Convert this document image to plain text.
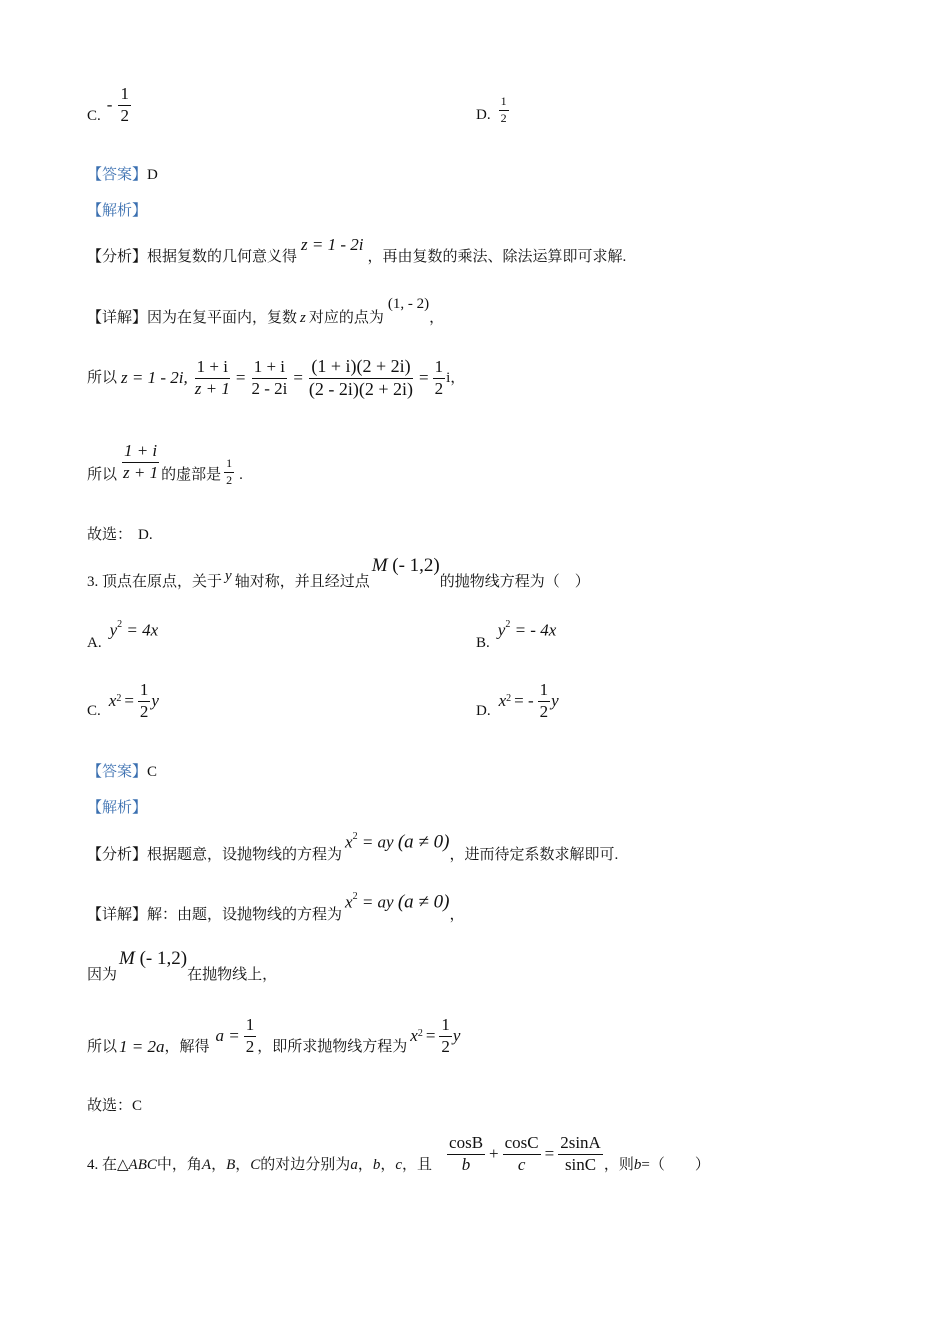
C.
- $\frac{1}{2}$	D. $\frac{1}{2}$
【答案】D
【解析】
【分析】 根据复数的几何意义得
z = 1 - 2i
，再由复数的乘法、除法运算即可求解.
【详解】 因为在复平面内，复数 z 对应的点为
(1, - 2)
，
所以 z = 1 - 2i, $\frac{1 + i}{z + 1} = \frac{1 + i}{2 - 2i} = \frac{(1 + i)(2 + 2i)}{(2 - 2i)(2 + 2i)} = \frac{1}{2}$ i，
所以 $\frac{1 + i}{z + 1}$ 的虚部是 $\frac{1}{2}$ .
故选： D.
3. 顶点在原点，关于 y 轴对称，并且经过点
M (- 1,2)
的抛物线方程为（　）
A.
$y^2 = 4x$
B.
$y^2$ = - 4x
C.
x $2 = \frac{1}{2}$ y
D.
x 2 = - $\frac{1}{2}$ y
【答案】C
【解析】
【分析】 根据题意，设抛物线的方程为
$x^2$ = ay (a ≠ 0)
，进而待定系数求解即可.
【详解】 解：由题，设抛物线的方程为
$x^2$ = ay (a ≠ 0)
，
因为
M (- 1,2)
在抛物线上，
所以 1 = 2a ，解得
$a = \frac{1}{2}$ ，即所求抛物线方程为
x $2 = \frac{1}{2}$ y
故选：C
4. 在△ ABC 中，角 A ， B ， C 的对边分别为 a ， b ， c ，且 $\frac{\cos B}{b} + \frac{\cos C}{c} = \frac{2\sin A}{\sin C}$ ，则 b =（　　）
